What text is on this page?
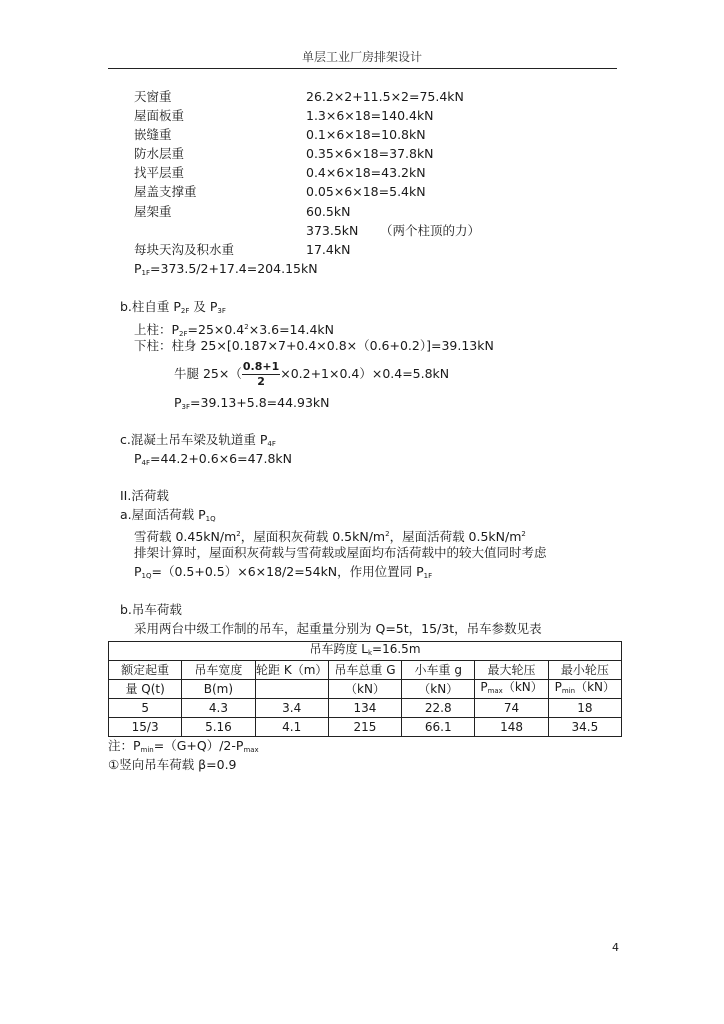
单层工业厂房排架设计
天窗重	26.2×2+11.5×2=75.4kN
屋面板重	1.3×6×18=140.4kN
嵌缝重	0.1×6×18=10.8kN
防水层重	0.35×6×18=37.8kN
找平层重	0.4×6×18=43.2kN
屋盖支撑重	0.05×6×18=5.4kN
屋架重	60.5kN
373.5kN （两个柱顶的力）
每块天沟及积水重	17.4kN
$P_{1F}=373.5/2+17.4=204.15kN$
b.柱自重 $P_{2F}$ 及 $P_{3F}$
上柱：$P_{2F}=25\times 0.4^2\times 3.6=14.4kN$
下柱：柱身 25×[0.187×7+0.4×0.8×（0.6+0.2）]=39.13kN
牛腿 $25\times( \frac{0.8+1}{2} \times 0.2+1\times 0.4)\times 0.4=5.8kN$
$P_{3F}=39.13+5.8=44.93kN$
c.混凝土吊车梁及轨道重 $P_{4F}$
$P_{4F}=44.2+0.6\times 6=47.8kN$
II.活荷载
a.屋面活荷载 $P_{1Q}$
雪荷载 $0.45kN/m^2$，屋面积灰荷载 $0.5kN/m^2$，屋面活荷载 $0.5kN/m^2$
排架计算时，屋面积灰荷载与雪荷载或屋面均布活荷载中的较大值同时考虑
$P_{1Q}=(0.5+0.5)\times 6\times 18/2=54kN$，作用位置同 $P_{1F}$
b.吊车荷载
采用两台中级工作制的吊车，起重量分别为 Q=5t，15/3t，吊车参数见表
吊车跨度 $L_k=16.5m$						
额定起重	吊车宽度	轮距 K（m）	吊车总重 G	小车重 g	最大轮压	最小轮压
量 Q(t)	B(m)		（kN）	（kN）	$P_{max}(kN)$	$P_{min}(kN)$
5	4.3	3.4	134	22.8	74	18
15/3	5.16	4.1	215	66.1	148	34.5
注：$P_{min}=(G+Q)/2-P_{max}$
①竖向吊车荷载 β=0.9
4
